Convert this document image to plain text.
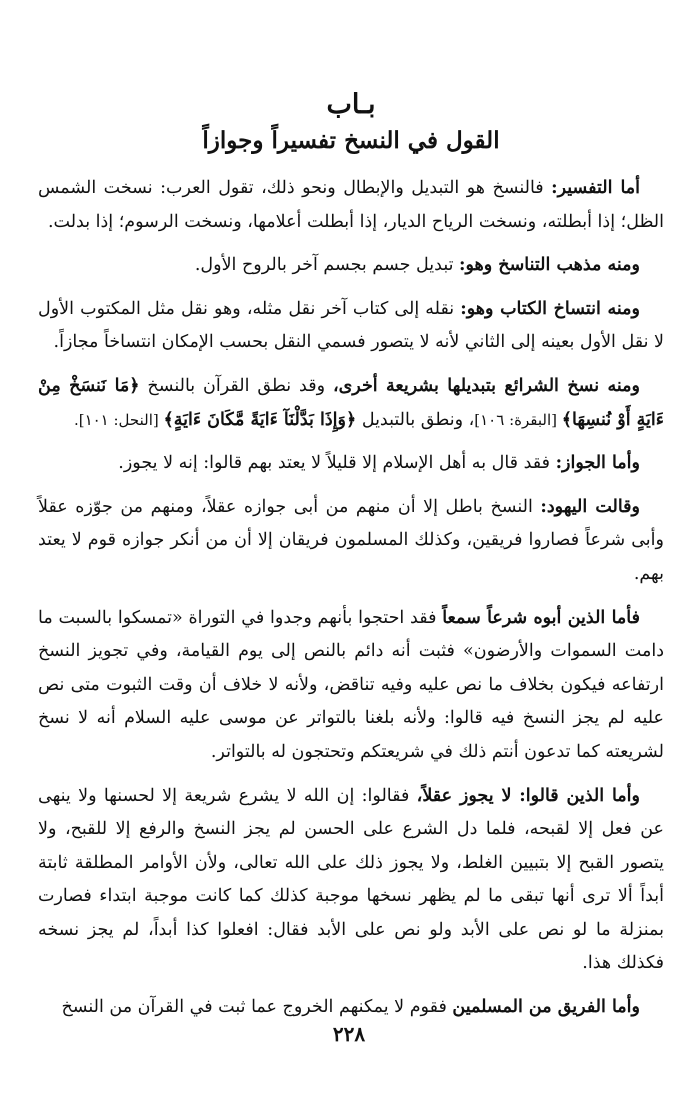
بـاب
القول في النسخ تفسيراً وجوازاً

أما التفسير: فالنسخ هو التبديل والإبطال ونحو ذلك، تقول العرب: نسخت الشمس الظل؛ إذا أبطلته، ونسخت الرياح الديار، إذا أبطلت أعلامها، ونسخت الرسوم؛ إذا بدلت.

ومنه مذهب التناسخ وهو: تبديل جسم بجسم آخر بالروح الأول.

ومنه انتساخ الكتاب وهو: نقله إلى كتاب آخر نقل مثله، وهو نقل مثل المكتوب الأول لا نقل الأول بعينه إلى الثاني لأنه لا يتصور فسمي النقل بحسب الإمكان انتساخاً مجازاً.

ومنه نسخ الشرائع بتبديلها بشريعة أخرى، وقد نطق القرآن بالنسخ ﴿مَا نَنسَخْ مِنْ ءَايَةٍ أَوْ نُنسِهَا﴾ [البقرة: ١٠٦]، ونطق بالتبديل ﴿وَإِذَا بَدَّلْنَآ ءَايَةً مَّكَانَ ءَايَةٍ﴾ [النحل: ١٠١].

وأما الجواز: فقد قال به أهل الإسلام إلا قليلاً لا يعتد بهم قالوا: إنه لا يجوز.

وقالت اليهود: النسخ باطل إلا أن منهم من أبى جوازه عقلاً، ومنهم من جوّزه عقلاً وأبى شرعاً فصاروا فريقين، وكذلك المسلمون فريقان إلا أن من أنكر جوازه قوم لا يعتد بهم.

فأما الذين أبوه شرعاً سمعاً فقد احتجوا بأنهم وجدوا في التوراة «تمسكوا بالسبت ما دامت السموات والأرضون» فثبت أنه دائم بالنص إلى يوم القيامة، وفي تجويز النسخ ارتفاعه فيكون بخلاف ما نص عليه وفيه تناقض، ولأنه لا خلاف أن وقت الثبوت متى نص عليه لم يجز النسخ فيه قالوا: ولأنه بلغنا بالتواتر عن موسى عليه السلام أنه لا نسخ لشريعته كما تدعون أنتم ذلك في شريعتكم وتحتجون له بالتواتر.

وأما الذين قالوا: لا يجوز عقلاً، فقالوا: إن الله لا يشرع شريعة إلا لحسنها ولا ينهى عن فعل إلا لقبحه، فلما دل الشرع على الحسن لم يجز النسخ والرفع إلا للقبح، ولا يتصور القبح إلا بتبيين الغلط، ولا يجوز ذلك على الله تعالى، ولأن الأوامر المطلقة ثابتة أبداً ألا ترى أنها تبقى ما لم يظهر نسخها موجبة كذلك كما كانت موجبة ابتداء فصارت بمنزلة ما لو نص على الأبد ولو نص على الأبد فقال: افعلوا كذا أبداً، لم يجز نسخه فكذلك هذا.

وأما الفريق من المسلمين فقوم لا يمكنهم الخروج عما ثبت في القرآن من النسخ

٢٢٨
